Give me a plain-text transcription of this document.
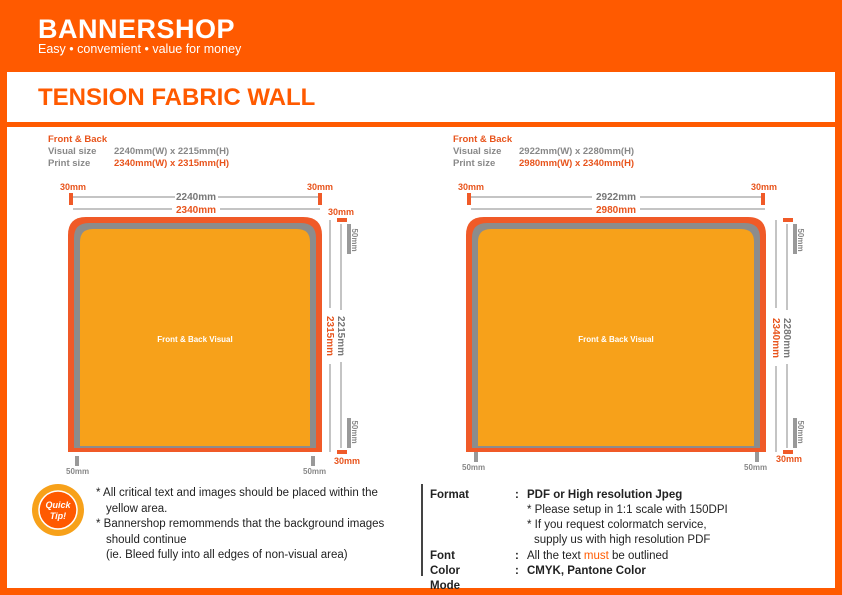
BANNERSHOP
Easy • convemient • value for money
TENSION FABRIC WALL
Front & Back
Visual size 2240mm(W) x 2215mm(H)
Print size	2340mm(W) x 2315mm(H)
Front & Back
Visual size 2922mm(W) x 2280mm(H)
Print size	2980mm(W) x 2340mm(H)
30mm	30mm
2240mm
2340mm
Front & Back Visual
30mm
50mm
50mm
2215mm
2315mm
30mm
50mm	50mm
30mm	30mm
2922mm
2980mm
Front & Back Visual
50mm
50mm
2280mm
2340mm
30mm
50mm	50mm
Quick
Tip!
* All critical text and images should be placed within the yellow area.
* Bannershop remommends that the background images should continue
(ie. Bleed fully into all edges of non-visual area)
Format	: PDF or High resolution Jpeg
* Please setup in 1:1 scale with 150DPI
* If you request colormatch service,
supply us with high resolution PDF
Font	: All the text must be outlined
Color Mode
: CMYK, Pantone Color
